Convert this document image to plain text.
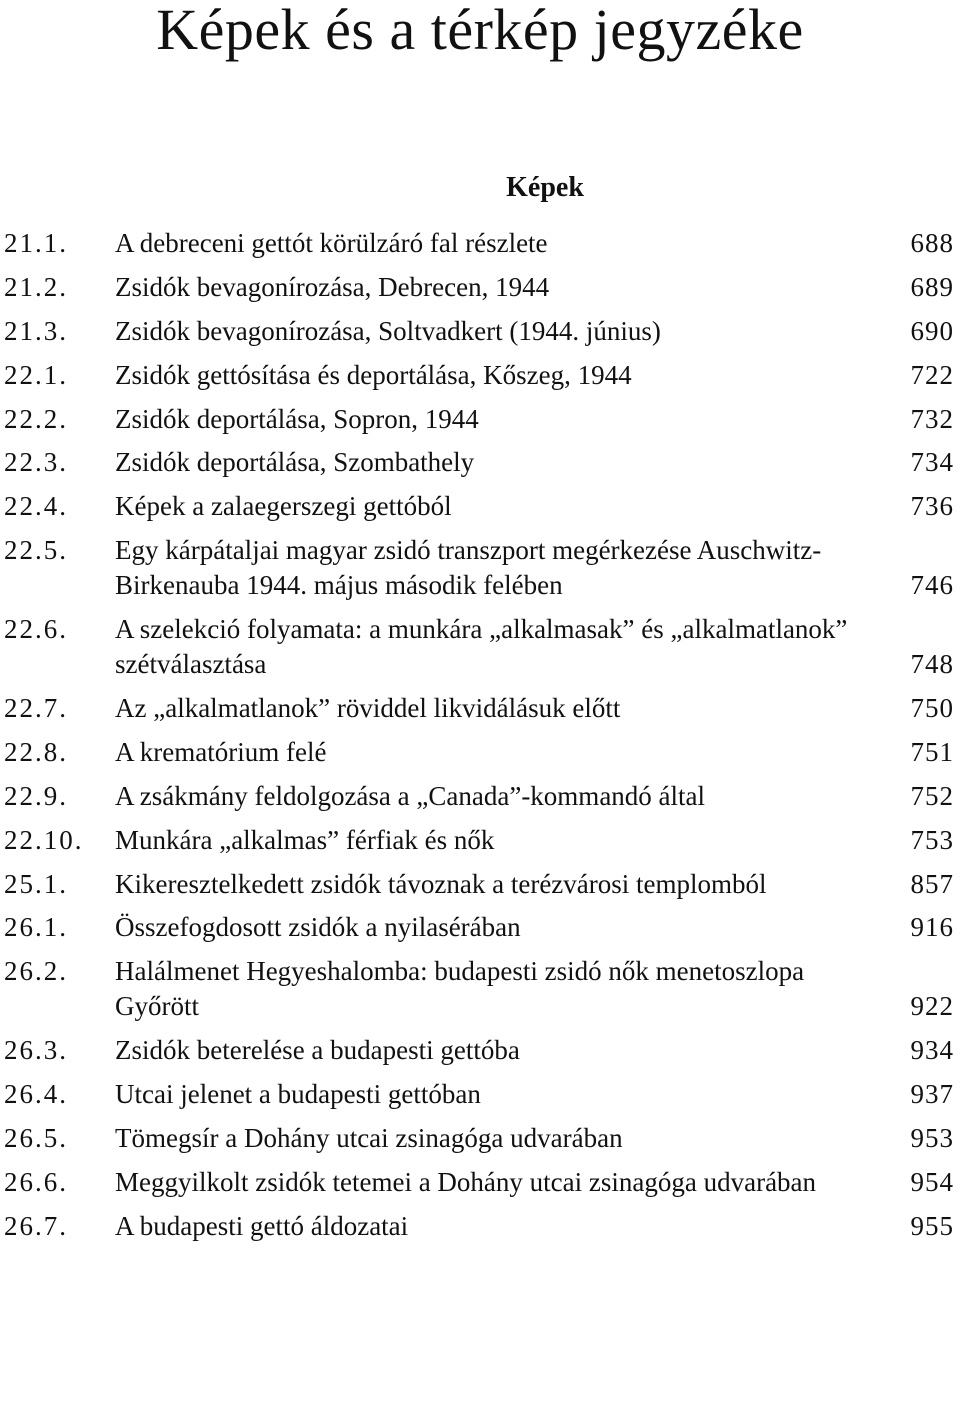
Képek és a térkép jegyzéke
Képek
21.1.	A debreceni gettót körülzáró fal részlete	688
21.2.	Zsidók bevagonírozása, Debrecen, 1944	689
21.3.	Zsidók bevagonírozása, Soltvadkert (1944. június)	690
22.1.	Zsidók gettósítása és deportálása, Kőszeg, 1944	722
22.2.	Zsidók deportálása, Sopron, 1944	732
22.3.	Zsidók deportálása, Szombathely	734
22.4.	Képek a zalaegerszegi gettóból	736
22.5.	Egy kárpátaljai magyar zsidó transzport megérkezése Auschwitz-Birkenauba 1944. május második felében	746
22.6.	A szelekció folyamata: a munkára „alkalmasak” és „alkalmatlanok” szétválasztása	748
22.7.	Az „alkalmatlanok” röviddel likvidálásuk előtt	750
22.8.	A krematórium felé	751
22.9.	A zsákmány feldolgozása a „Canada”-kommandó által	752
22.10.	Munkára „alkalmas” férfiak és nők	753
25.1.	Kikeresztelkedett zsidók távoznak a terézvárosi templomból	857
26.1.	Összefogdosott zsidók a nyilasérában	916
26.2.	Halálmenet Hegyeshalomba: budapesti zsidó nők menetoszlopa Győrött	922
26.3.	Zsidók beterelése a budapesti gettóba	934
26.4.	Utcai jelenet a budapesti gettóban	937
26.5.	Tömegsír a Dohány utcai zsinagóga udvarában	953
26.6.	Meggyilkolt zsidók tetemei a Dohány utcai zsinagóga udvarában	954
26.7.	A budapesti gettó áldozatai	955
